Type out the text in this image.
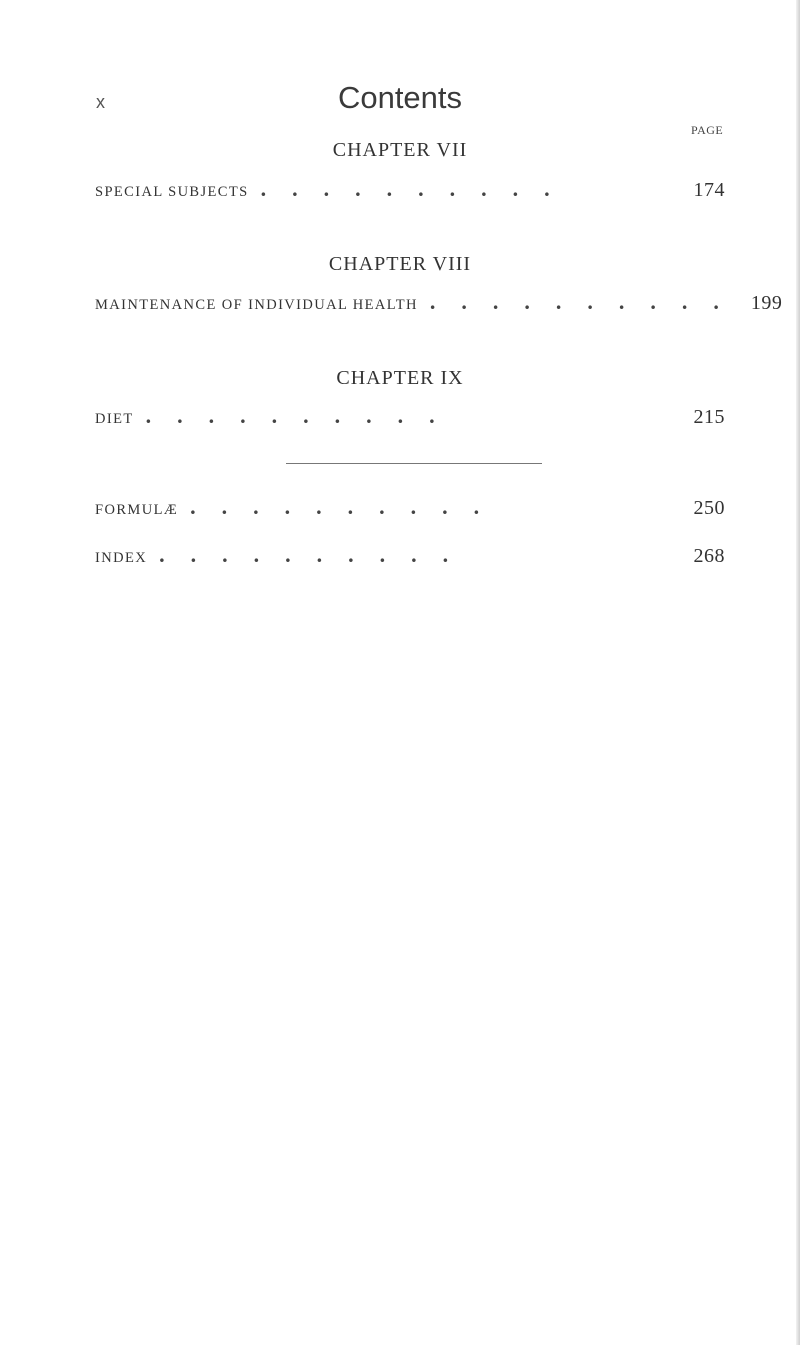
x	Contents
PAGE
CHAPTER VII
SPECIAL SUBJECTS ..........	174
CHAPTER VIII
MAINTENANCE OF INDIVIDUAL HEALTH .......... 199
CHAPTER IX
DIET ..........	215
FORMULÆ ..........	250
INDEX ..........	268
